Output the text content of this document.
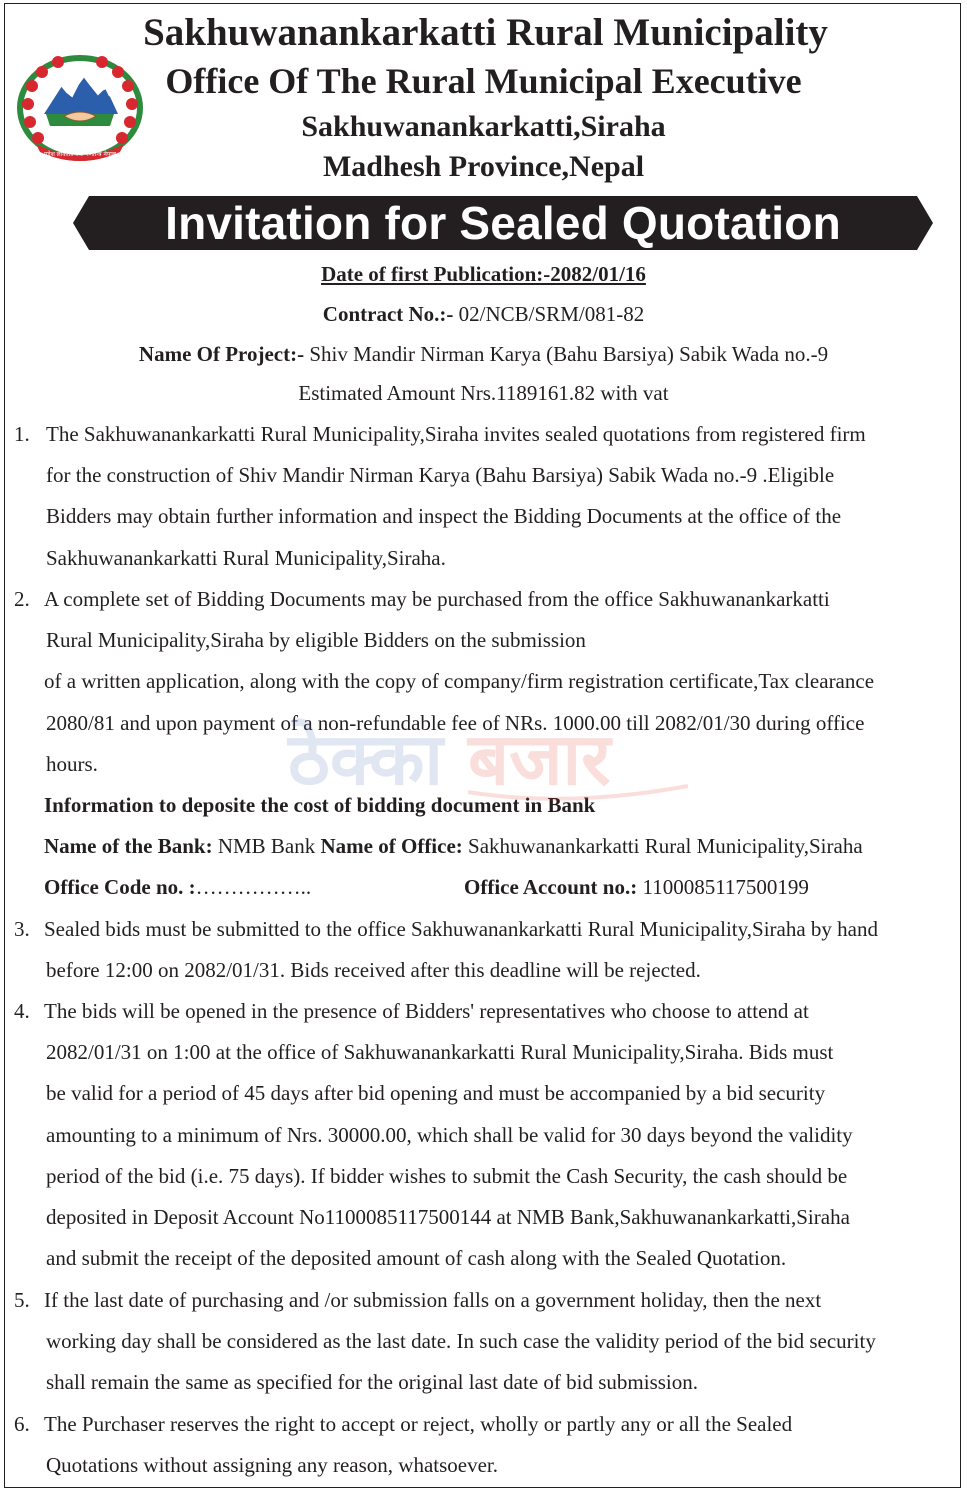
प्रदेश लोकतान्त्रिक गणतन्त्र नेपाल
Sakhuwanankarkatti Rural Municipality
Office Of The Rural Municipal Executive
Sakhuwanankarkatti,Siraha
Madhesh Province,Nepal
Invitation for Sealed Quotation
Date of first Publication:-2082/01/16
Contract No.:- 02/NCB/SRM/081-82
Name Of Project:- Shiv Mandir Nirman Karya (Bahu Barsiya) Sabik Wada no.-9
Estimated Amount Nrs.1189161.82 with vat
1. The Sakhuwanankarkatti Rural Municipality,Siraha invites sealed quotations from registered firm
for the construction of Shiv Mandir Nirman Karya (Bahu Barsiya) Sabik Wada no.-9 .Eligible
Bidders may obtain further information and inspect the Bidding Documents at the office of the
Sakhuwanankarkatti Rural Municipality,Siraha.
2. A complete set of Bidding Documents may be purchased from the office Sakhuwanankarkatti
Rural Municipality,Siraha by eligible Bidders on the submission
of a written application, along with the copy of company/firm registration certificate,Tax clearance
2080/81 and upon payment of a non-refundable fee of NRs. 1000.00 till 2082/01/30 during office
hours.
Information to deposite the cost of bidding document in Bank
Name of the Bank: NMB Bank Name of Office: Sakhuwanankarkatti Rural Municipality,Siraha
Office Code no. :……………..	Office Account no.: 1100085117500199
3. Sealed bids must be submitted to the office Sakhuwanankarkatti Rural Municipality,Siraha by hand
before 12:00 on 2082/01/31. Bids received after this deadline will be rejected.
4. The bids will be opened in the presence of Bidders' representatives who choose to attend at
2082/01/31 on 1:00 at the office of Sakhuwanankarkatti Rural Municipality,Siraha. Bids must
be valid for a period of 45 days after bid opening and must be accompanied by a bid security
amounting to a minimum of Nrs. 30000.00, which shall be valid for 30 days beyond the validity
period of the bid (i.e. 75 days). If bidder wishes to submit the Cash Security, the cash should be
deposited in Deposit Account No1100085117500144 at NMB Bank,Sakhuwanankarkatti,Siraha
and submit the receipt of the deposited amount of cash along with the Sealed Quotation.
5. If the last date of purchasing and /or submission falls on a government holiday, then the next
working day shall be considered as the last date. In such case the validity period of the bid security
shall remain the same as specified for the original last date of bid submission.
6. The Purchaser reserves the right to accept or reject, wholly or partly any or all the Sealed
Quotations without assigning any reason, whatsoever.
ठेक्का बजार
